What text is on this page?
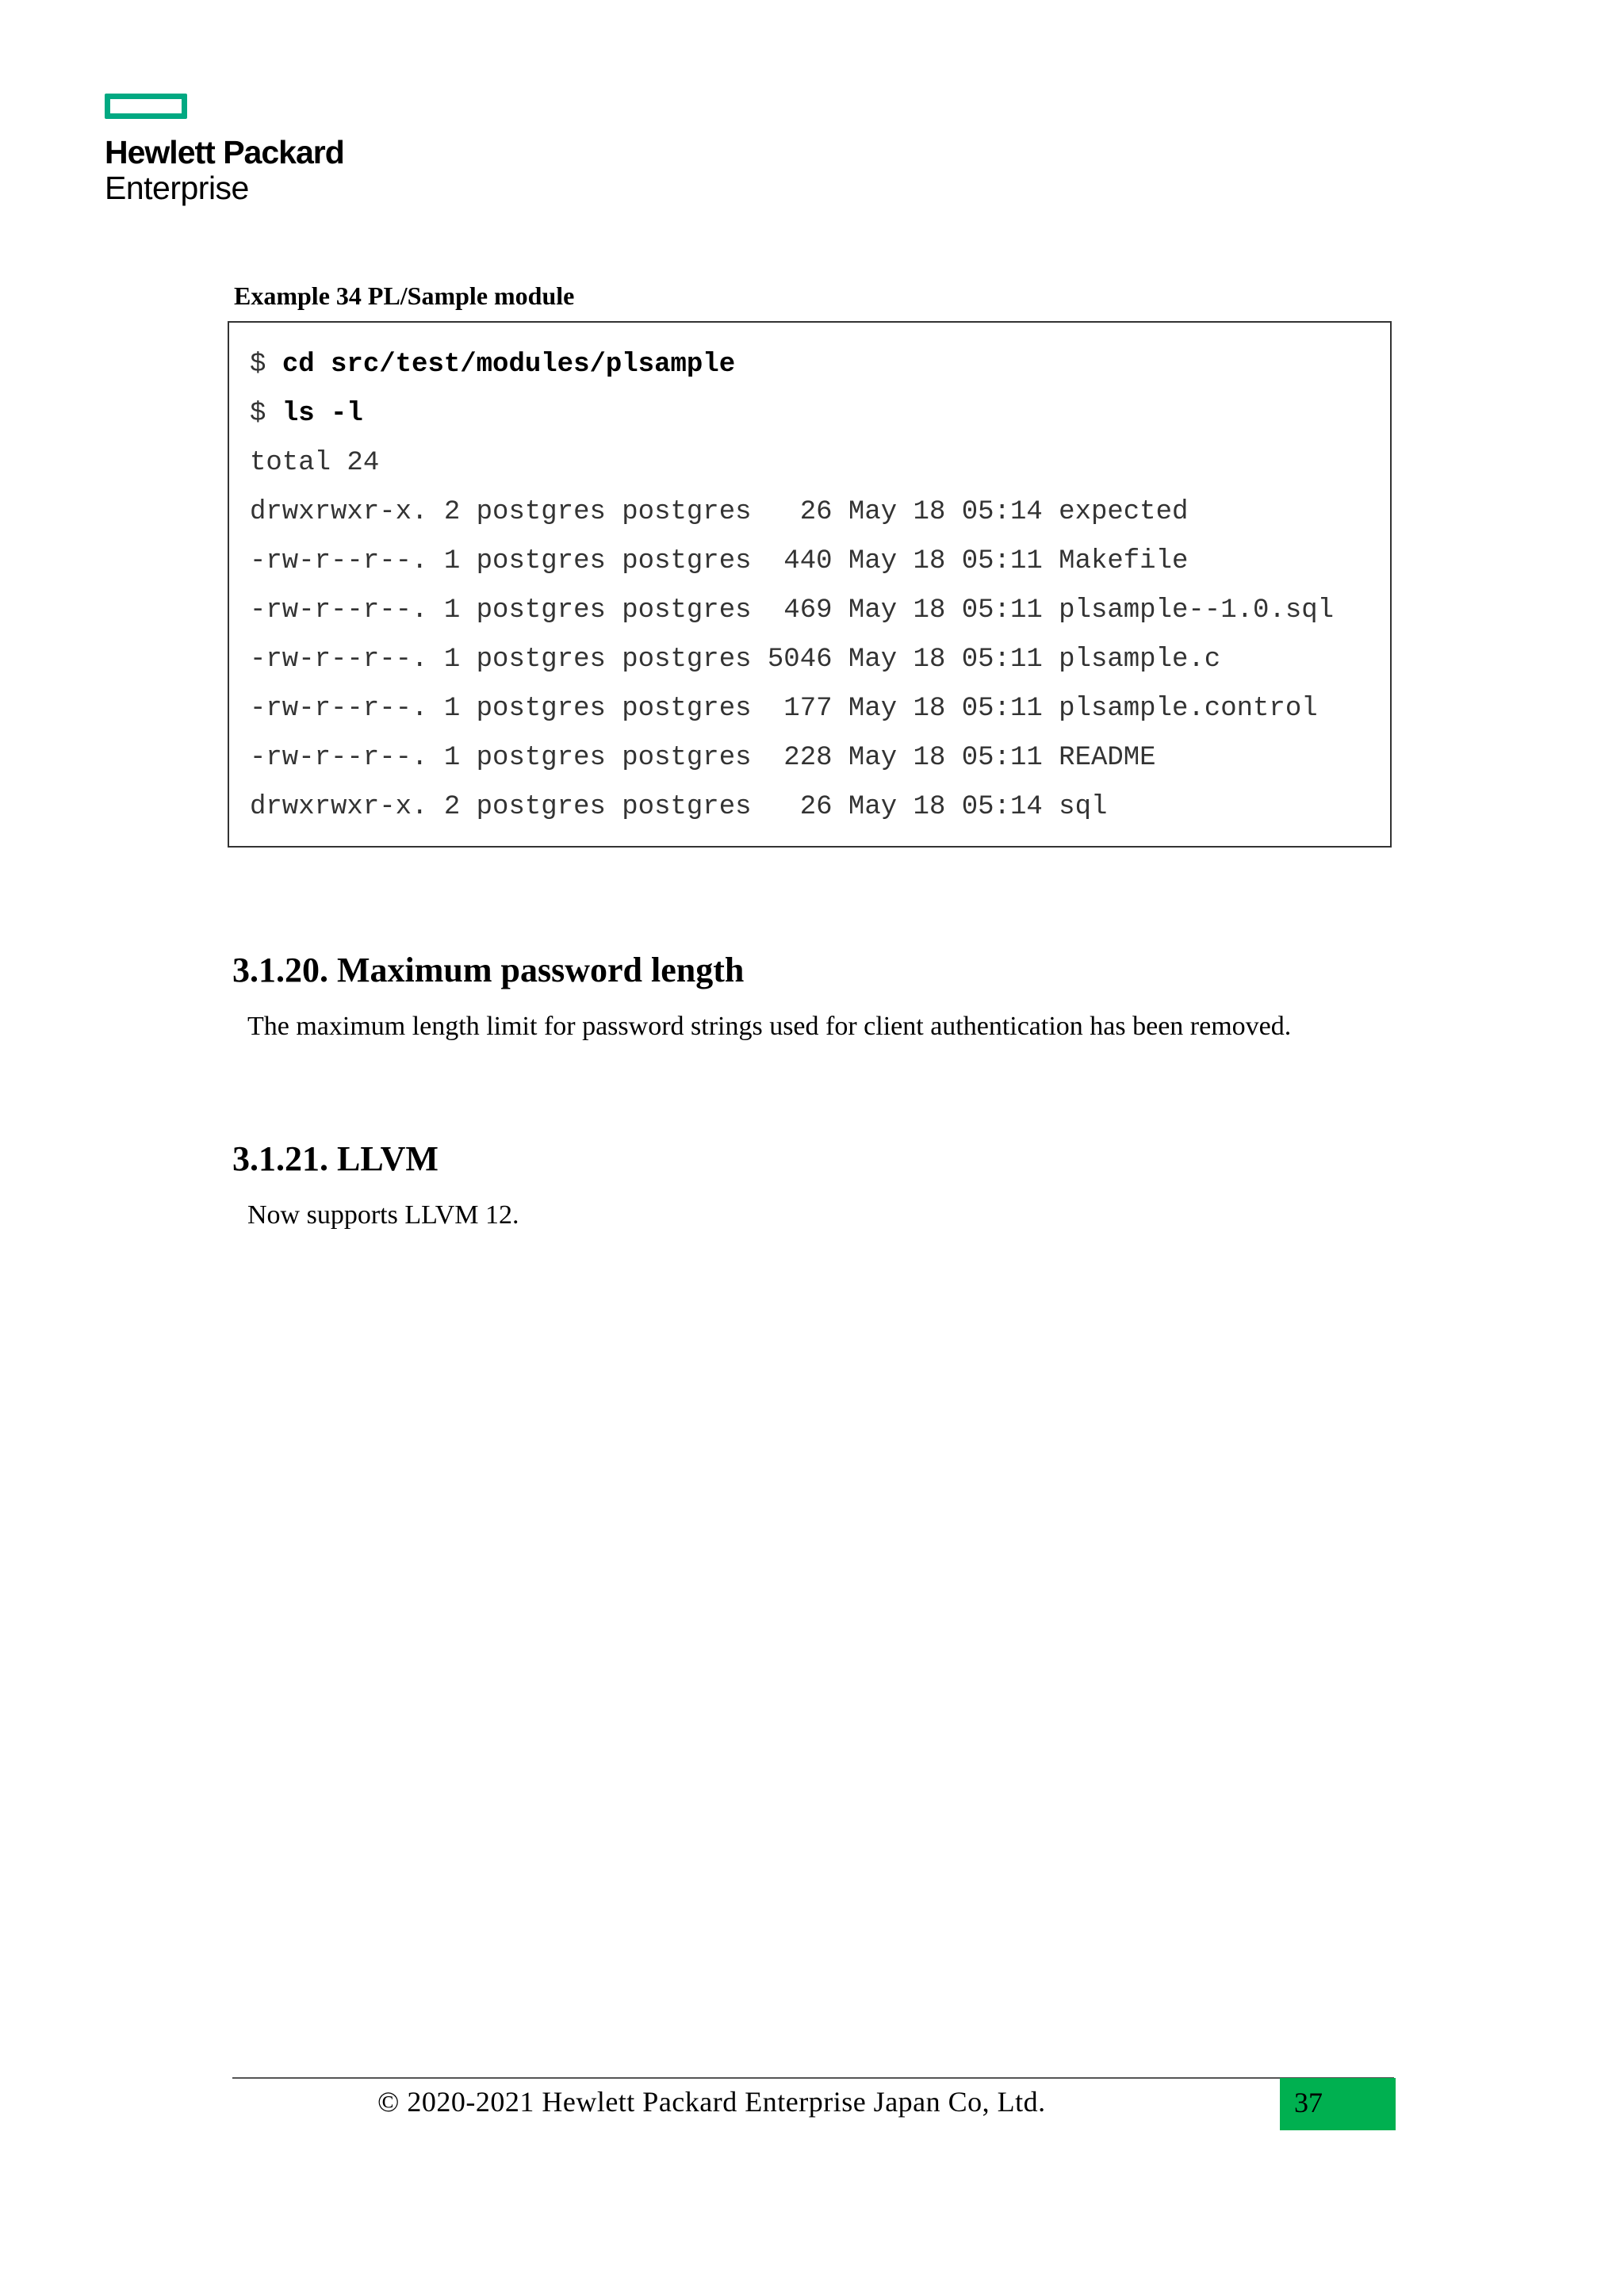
Hewlett Packard
Enterprise
Example 34 PL/Sample module
$ cd src/test/modules/plsample
$ ls -l
total 24
drwxrwxr-x. 2 postgres postgres   26 May 18 05:14 expected
-rw-r--r--. 1 postgres postgres  440 May 18 05:11 Makefile
-rw-r--r--. 1 postgres postgres  469 May 18 05:11 plsample--1.0.sql
-rw-r--r--. 1 postgres postgres 5046 May 18 05:11 plsample.c
-rw-r--r--. 1 postgres postgres  177 May 18 05:11 plsample.control
-rw-r--r--. 1 postgres postgres  228 May 18 05:11 README
drwxrwxr-x. 2 postgres postgres   26 May 18 05:14 sql
3.1.20. Maximum password length
The maximum length limit for password strings used for client authentication has been removed.
3.1.21. LLVM
Now supports LLVM 12.
© 2020-2021 Hewlett Packard Enterprise Japan Co, Ltd.	37
